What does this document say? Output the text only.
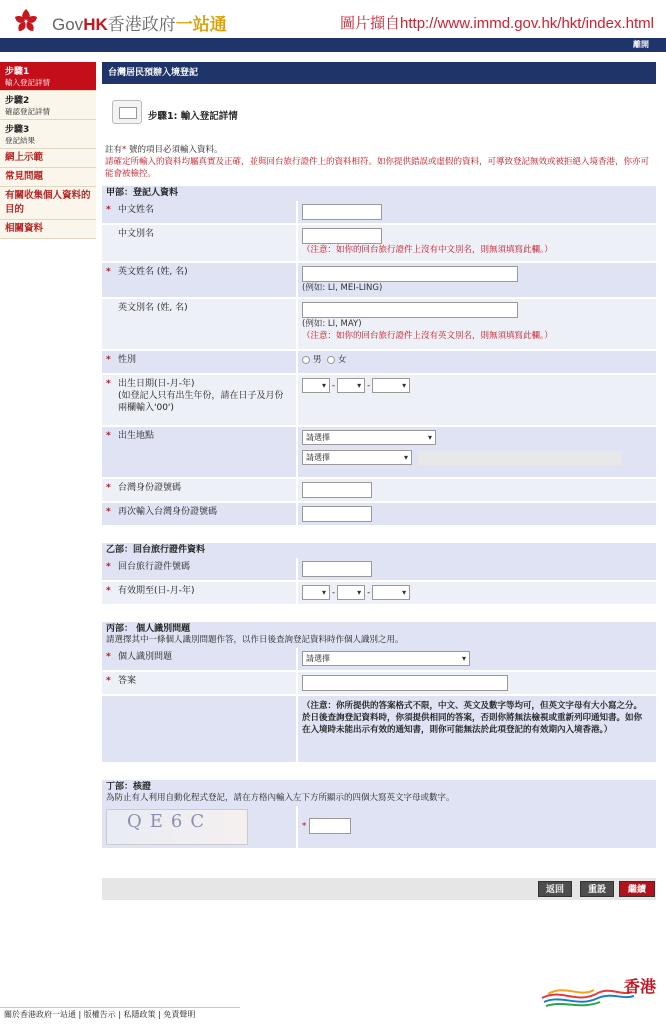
GovHK香港政府一站通	圖片擷自http://www.immd.gov.hk/hkt/index.html
離開
步驟1
輸入登記詳情
步驟2
確認登記詳情
步驟3
登記結果
網上示範
常見問題
有關收集個人資料的目的
相關資料
台灣居民預辦入境登記
步驟1: 輸入登記詳情
註有* 號的項目必須輸入資料。
請確定所輸入的資料均屬真實及正確，並與回台旅行證件上的資料相符。如你提供錯誤或虛假的資料，可導致登記無效或被拒絕入境香港，你亦可能會被檢控。
甲部：登記人資料
* 中文姓名
中文別名

（注意：如你的回台旅行證件上沒有中文別名，則無須填寫此欄。）
* 英文姓名 (姓, 名)

(例如: LI, MEI-LING)
英文別名 (姓, 名)

(例如: LI, MAY)
（注意：如你的回台旅行證件上沒有英文別名，則無須填寫此欄。）
* 性別	男 女
* 出生日期(日-月-年)
(如登記人只有出生年份，請在日子及月份兩欄輸入'00')
▾- ▾	-▾
* 出生地點	請選擇 ▾
請選擇 ▾
* 台灣身份證號碼
* 再次輸入台灣身份證號碼
乙部：回台旅行證件資料
* 回台旅行證件號碼
* 有效期至(日-月-年) ▾	- ▾	-▾
丙部： 個人識別問題
請選擇其中一條個人識別問題作答，以作日後查詢登記資料時作個人識別之用。
* 個人識別問題	請選擇 ▾
* 答案
（注意：你所提供的答案格式不限，中文、英文及數字等均可，但英文字母有大小寫之分。於日後查詢登記資料時，你須提供相同的答案，否則你將無法檢視或重新列印通知書。如你在入境時未能出示有效的通知書，則你可能無法於此項登記的有效期內入境香港。）
丁部：核證
為防止有人利用自動化程式登記，請在方格內輸入左下方所顯示的四個大寫英文字母或數字。
QE6C	*
返回	重設	繼續
香港
關於香港政府一站通 | 版權告示 | 私隱政策 | 免責聲明
